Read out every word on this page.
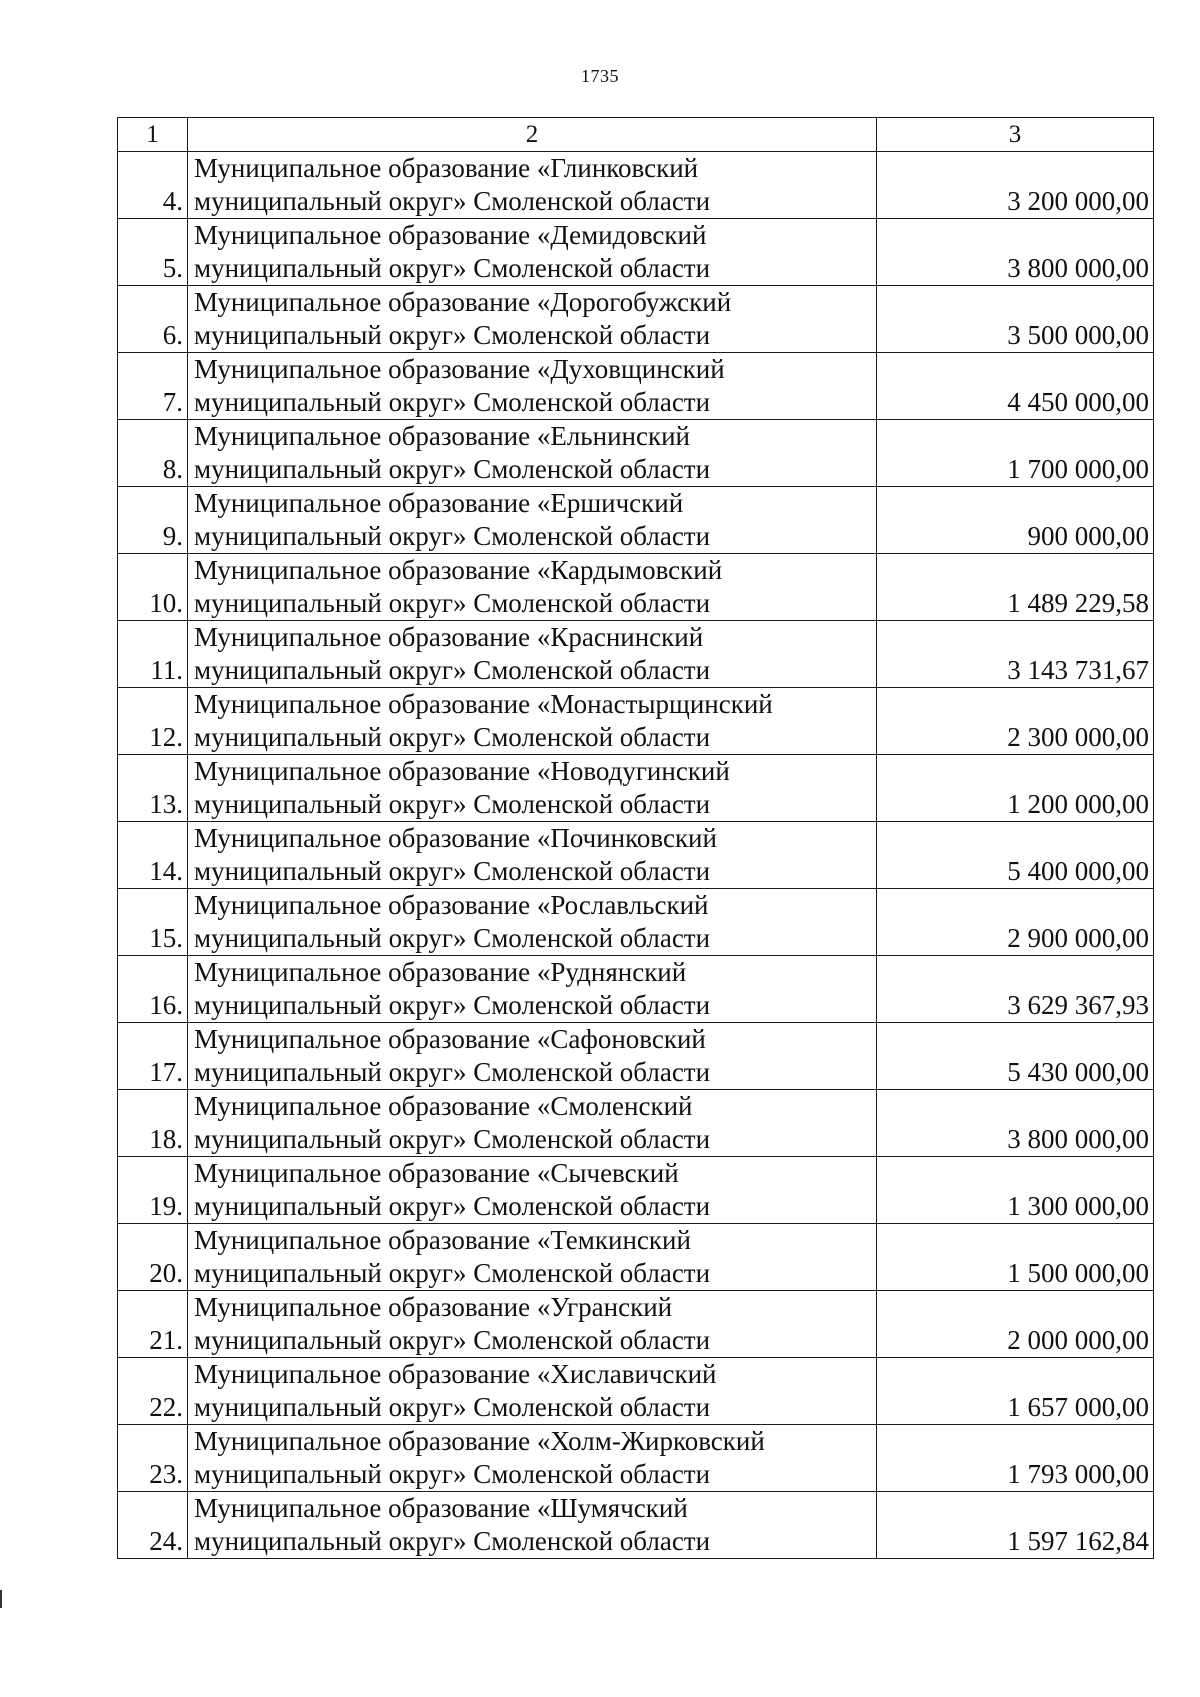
1735
1	2	3
4.	Муниципальное образование «Глинковский
муниципальный округ» Смоленской области	3 200 000,00
5.	Муниципальное образование «Демидовский
муниципальный округ» Смоленской области	3 800 000,00
6.	Муниципальное образование «Дорогобужский
муниципальный округ» Смоленской области	3 500 000,00
7.	Муниципальное образование «Духовщинский
муниципальный округ» Смоленской области	4 450 000,00
8.	Муниципальное образование «Ельнинский
муниципальный округ» Смоленской области	1 700 000,00
9.	Муниципальное образование «Ершичский
муниципальный округ» Смоленской области	900 000,00
10.	Муниципальное образование «Кардымовский
муниципальный округ» Смоленской области	1 489 229,58
11.	Муниципальное образование «Краснинский
муниципальный округ» Смоленской области	3 143 731,67
12.	Муниципальное образование «Монастырщинский
муниципальный округ» Смоленской области	2 300 000,00
13.	Муниципальное образование «Новодугинский
муниципальный округ» Смоленской области	1 200 000,00
14.	Муниципальное образование «Починковский
муниципальный округ» Смоленской области	5 400 000,00
15.	Муниципальное образование «Рославльский
муниципальный округ» Смоленской области	2 900 000,00
16.	Муниципальное образование «Руднянский
муниципальный округ» Смоленской области	3 629 367,93
17.	Муниципальное образование «Сафоновский
муниципальный округ» Смоленской области	5 430 000,00
18.	Муниципальное образование «Смоленский
муниципальный округ» Смоленской области	3 800 000,00
19.	Муниципальное образование «Сычевский
муниципальный округ» Смоленской области	1 300 000,00
20.	Муниципальное образование «Темкинский
муниципальный округ» Смоленской области	1 500 000,00
21.	Муниципальное образование «Угранский
муниципальный округ» Смоленской области	2 000 000,00
22.	Муниципальное образование «Хиславичский
муниципальный округ» Смоленской области	1 657 000,00
23.	Муниципальное образование «Холм-Жирковский
муниципальный округ» Смоленской области	1 793 000,00
24.	Муниципальное образование «Шумячский
муниципальный округ» Смоленской области	1 597 162,84
